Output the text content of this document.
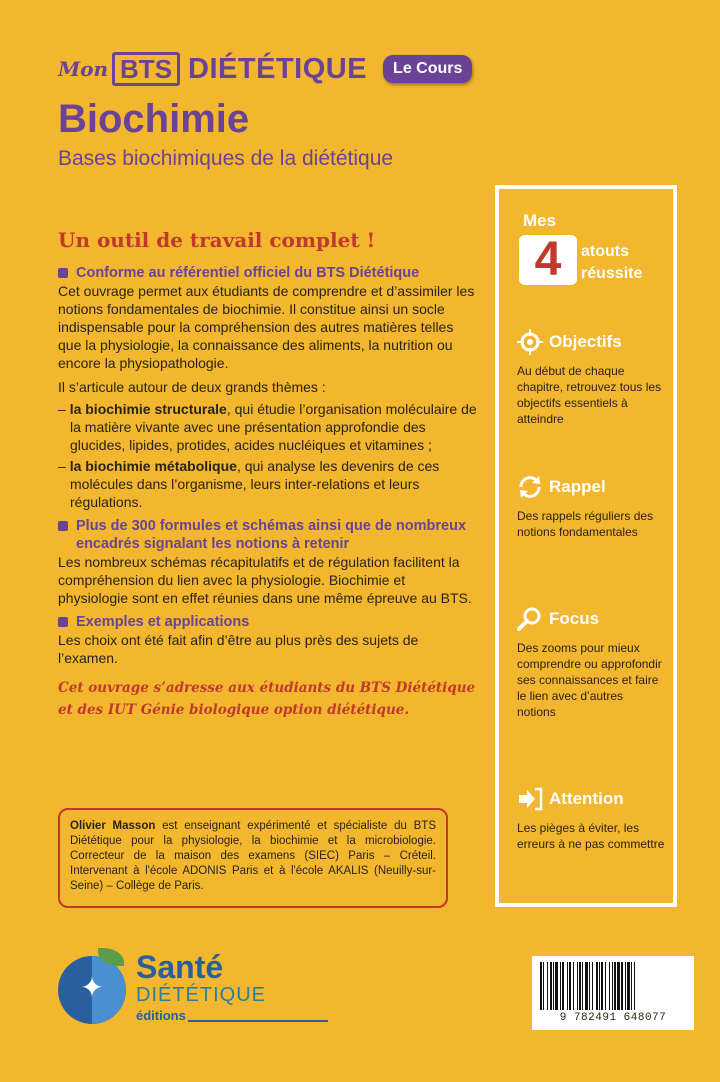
Mon BTS DIÉTÉTIQUE	Le Cours
Biochimie
Bases biochimiques de la diététique
Un outil de travail complet !
Conforme au référentiel officiel du BTS Diététique

Cet ouvrage permet aux étudiants de comprendre et d’assimiler les notions fondamentales de biochimie. Il constitue ainsi un socle indispensable pour la compréhension des autres matières telles que la physiologie, la connaissance des aliments, la nutrition ou encore la physiopathologie.

Il s’articule autour de deux grands thèmes :

– la biochimie structurale, qui étudie l’organisation moléculaire de la matière vivante avec une présentation approfondie des glucides, lipides, protides, acides nucléiques et vitamines ;

– la biochimie métabolique, qui analyse les devenirs de ces molécules dans l’organisme, leurs inter-relations et leurs régulations.

Plus de 300 formules et schémas ainsi que de nombreux encadrés signalant les notions à retenir

Les nombreux schémas récapitulatifs et de régulation facilitent la compréhension du lien avec la physiologie. Biochimie et physiologie sont en effet réunies dans une même épreuve au BTS.

Exemples et applications

Les choix ont été fait afin d’être au plus près des sujets de l’examen.

Cet ouvrage s’adresse aux étudiants du BTS Diététique et des IUT Génie biologique option diététique.

Olivier Masson est enseignant expérimenté et spécialiste du BTS Diététique pour la physiologie, la biochimie et la microbiologie. Correcteur de la maison des examens (SIEC) Paris – Créteil. Intervenant à l'école ADONIS Paris et à l'école AKALIS (Neuilly-sur-Seine) – Collège de Paris.
✦
Santé
DIÉTÉTIQUE
éditions
Mes
4	atouts
réussite
Objectifs
Au début de chaque chapitre, retrouvez tous les objectifs essentiels à atteindre
Rappel
Des rappels réguliers des notions fondamentales
Focus
Des zooms pour mieux comprendre ou approfondir ses connaissances et faire le lien avec d’autres notions
Attention
Les pièges à éviter, les erreurs à ne pas commettre
9 782491 648077
